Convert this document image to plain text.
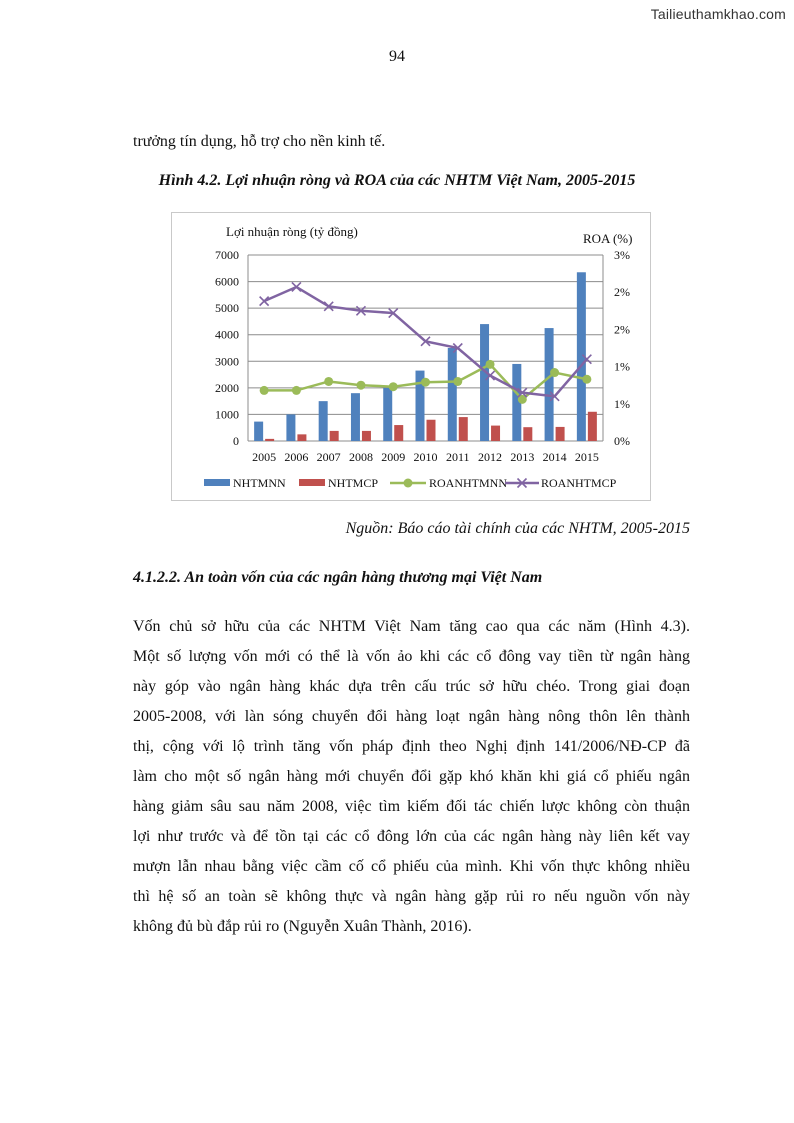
Tailieuthamkhao.com
94
trưởng tín dụng, hỗ trợ cho nền kinh tế.
Hình 4.2. Lợi nhuận ròng và ROA của các NHTM Việt Nam, 2005-2015
0
1000
2000
3000
4000
5000
6000
7000
0%
1%
1%
2%
2%
3%
Lợi nhuận ròng (tỷ đồng)	ROA (%)
2005 2006 2007 2008 2009 2010 2011 2012 2013 2014 2015
NHTMNN	NHTMCP	ROANHTMNN	ROANHTMCP
Nguồn: Báo cáo tài chính của các NHTM, 2005-2015
4.1.2.2. An toàn vốn của các ngân hàng thương mại Việt Nam
Vốn chủ sở hữu của các NHTM Việt Nam tăng cao qua các năm (Hình 4.3).
Một số lượng vốn mới có thể là vốn ảo khi các cổ đông vay tiền từ ngân hàng
này góp vào ngân hàng khác dựa trên cấu trúc sở hữu chéo. Trong giai đoạn
2005-2008, với làn sóng chuyển đổi hàng loạt ngân hàng nông thôn lên thành
thị, cộng với lộ trình tăng vốn pháp định theo Nghị định 141/2006/NĐ-CP đã
làm cho một số ngân hàng mới chuyển đổi gặp khó khăn khi giá cổ phiếu ngân
hàng giảm sâu sau năm 2008, việc tìm kiếm đối tác chiến lược không còn thuận
lợi như trước và để tồn tại các cổ đông lớn của các ngân hàng này liên kết vay
mượn lẫn nhau bằng việc cầm cố cổ phiếu của mình. Khi vốn thực không nhiều
thì hệ số an toàn sẽ không thực và ngân hàng gặp rủi ro nếu nguồn vốn này
không đủ bù đắp rủi ro (Nguyễn Xuân Thành, 2016).
